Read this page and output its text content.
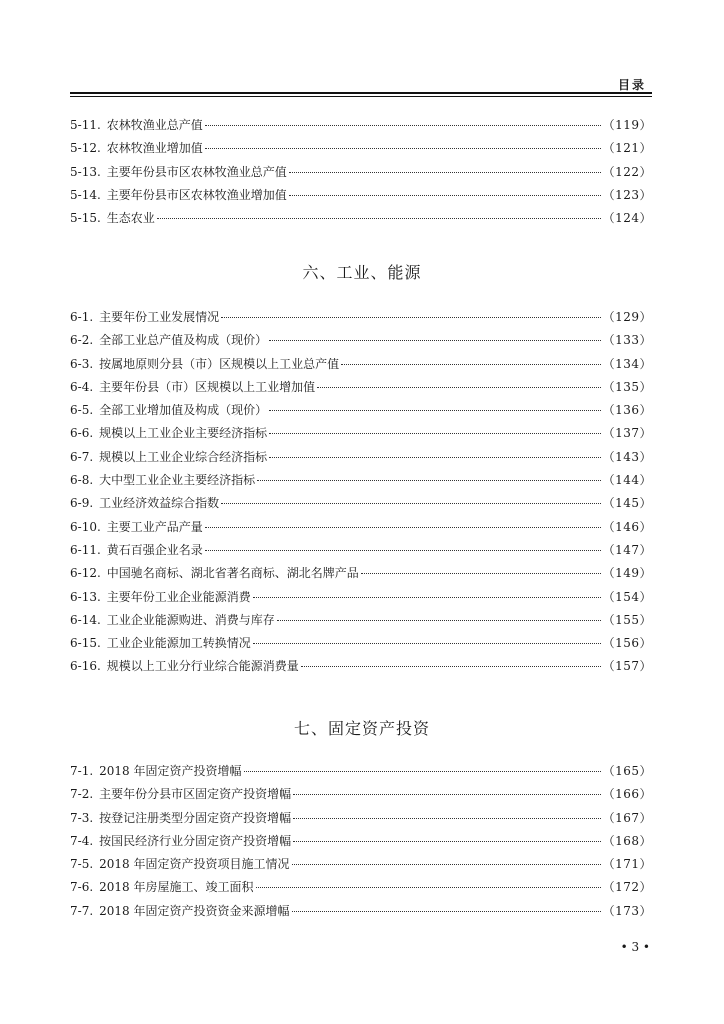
目录
5-11. 农林牧渔业总产值	（119）
5-12. 农林牧渔业增加值	（121）
5-13. 主要年份县市区农林牧渔业总产值	（122）
5-14. 主要年份县市区农林牧渔业增加值	（123）
5-15. 生态农业	（124）
六、工业、能源
6-1. 主要年份工业发展情况	（129）
6-2. 全部工业总产值及构成（现价）	（133）
6-3. 按属地原则分县（市）区规模以上工业总产值	（134）
6-4. 主要年份县（市）区规模以上工业增加值	（135）
6-5. 全部工业增加值及构成（现价）	（136）
6-6. 规模以上工业企业主要经济指标	（137）
6-7. 规模以上工业企业综合经济指标	（143）
6-8. 大中型工业企业主要经济指标	（144）
6-9. 工业经济效益综合指数	（145）
6-10. 主要工业产品产量	（146）
6-11. 黄石百强企业名录	（147）
6-12. 中国驰名商标、湖北省著名商标、湖北名牌产品	（149）
6-13. 主要年份工业企业能源消费	（154）
6-14. 工业企业能源购进、消费与库存	（155）
6-15. 工业企业能源加工转换情况	（156）
6-16. 规模以上工业分行业综合能源消费量	（157）
七、固定资产投资
7-1. 2018 年固定资产投资增幅	（165）
7-2. 主要年份分县市区固定资产投资增幅	（166）
7-3. 按登记注册类型分固定资产投资增幅	（167）
7-4. 按国民经济行业分固定资产投资增幅	（168）
7-5. 2018 年固定资产投资项目施工情况	（171）
7-6. 2018 年房屋施工、竣工面积	（172）
7-7. 2018 年固定资产投资资金来源增幅	（173）
• 3 •
